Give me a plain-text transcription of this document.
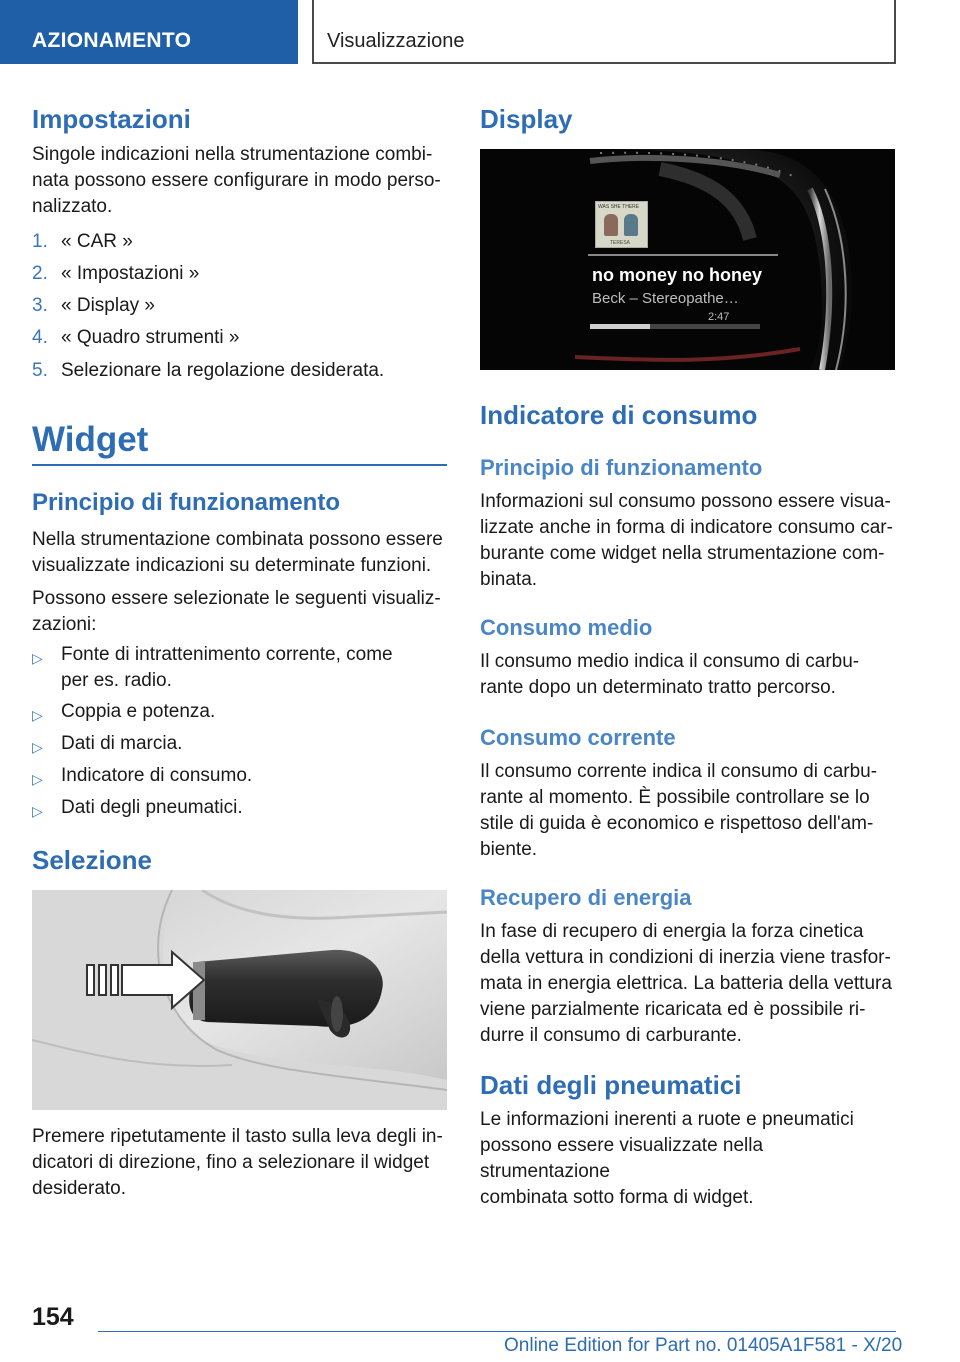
AZIONAMENTO	Visualizzazione
Impostazioni
Singole indicazioni nella strumentazione combi-
nata possono essere configurare in modo perso-
nalizzato.
1. « CAR »
2. « Impostazioni »
3. « Display »
4. « Quadro strumenti »
5. Selezionare la regolazione desiderata.
Widget
Principio di funzionamento
Nella strumentazione combinata possono essere
visualizzate indicazioni su determinate funzioni.
Possono essere selezionate le seguenti visualiz-
zazioni:
▷ Fonte di intrattenimento corrente, come
per es. radio.
▷ Coppia e potenza.
▷ Dati di marcia.
▷ Indicatore di consumo.
▷ Dati degli pneumatici.
Selezione
Premere ripetutamente il tasto sulla leva degli in-
dicatori di direzione, fino a selezionare il widget
desiderato.
Display
WAS SHE THERE
TERESA
no money no honey
Beck – Stereopathe…
2:47
Indicatore di consumo
Principio di funzionamento
Informazioni sul consumo possono essere visua-
lizzate anche in forma di indicatore consumo car-
burante come widget nella strumentazione com-
binata.
Consumo medio
Il consumo medio indica il consumo di carbu-
rante dopo un determinato tratto percorso.
Consumo corrente
Il consumo corrente indica il consumo di carbu-
rante al momento. È possibile controllare se lo
stile di guida è economico e rispettoso dell'am-
biente.
Recupero di energia
In fase di recupero di energia la forza cinetica
della vettura in condizioni di inerzia viene trasfor-
mata in energia elettrica. La batteria della vettura
viene parzialmente ricaricata ed è possibile ri-
durre il consumo di carburante.
Dati degli pneumatici
Le informazioni inerenti a ruote e pneumatici
possono essere visualizzate nella strumentazione
combinata sotto forma di widget.
154
Online Edition for Part no. 01405A1F581 - X/20
